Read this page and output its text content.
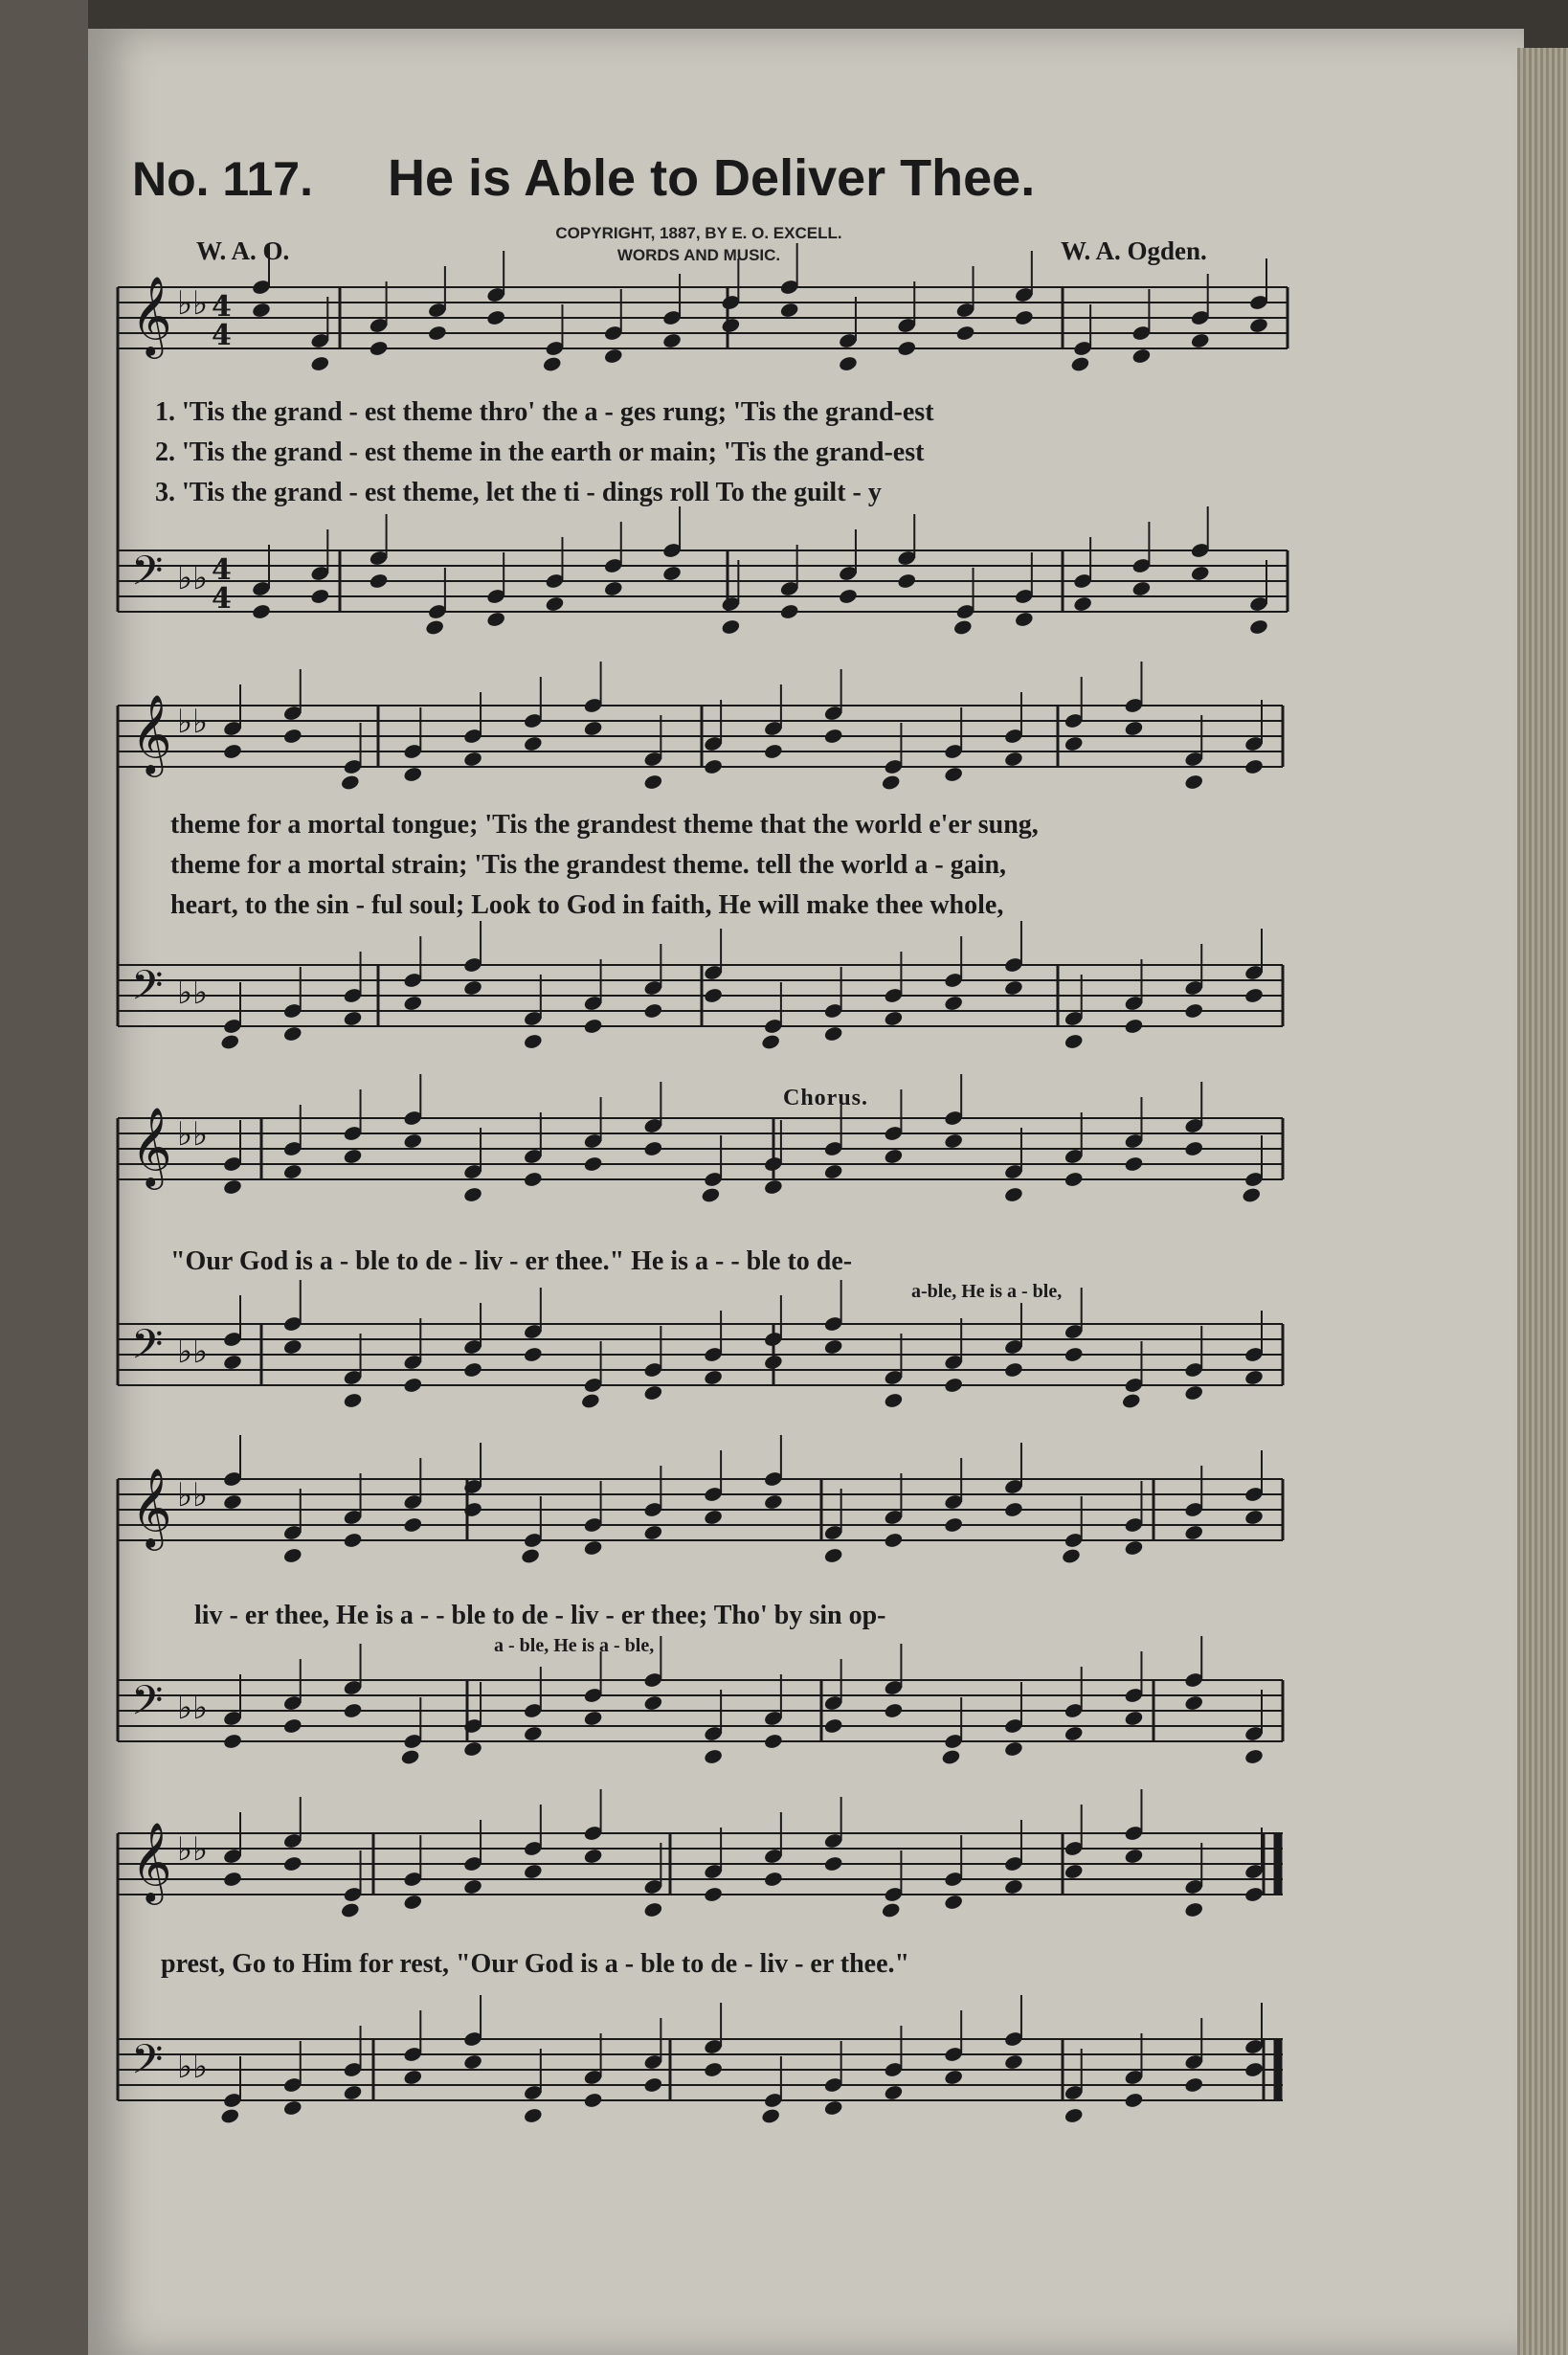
No. 117. He is Able to Deliver Thee.
COPYRIGHT, 1887, BY E. O. EXCELL.
WORDS AND MUSIC.
W. A. O.	W. A. Ogden.
𝄞 ♭♭ 4
4
𝄢 ♭♭ 4
4
𝄞 ♭♭
𝄢 ♭♭
𝄞 ♭♭
𝄢 ♭♭
𝄞 ♭♭
𝄢 ♭♭
𝄞 ♭♭
𝄢 ♭♭
1. 'Tis the grand - est theme thro' the a - ges rung; 'Tis the grand-est
2. 'Tis the grand - est theme in the earth or main; 'Tis the grand-est
3. 'Tis the grand - est theme, let the ti - dings roll To the guilt - y
theme for a mortal tongue; 'Tis the grandest theme that the world e'er sung,
theme for a mortal strain; 'Tis the grandest theme. tell the world a - gain,
heart, to the sin - ful soul; Look to God in faith, He will make thee whole,
Chorus.
"Our God is a - ble to de - liv - er thee." He is a - - ble to de-
a-ble, He is a - ble,
liv - er thee, He is a - - ble to de - liv - er thee; Tho' by sin op-
a - ble, He is a - ble,
prest, Go to Him for rest, "Our God is a - ble to de - liv - er thee."
